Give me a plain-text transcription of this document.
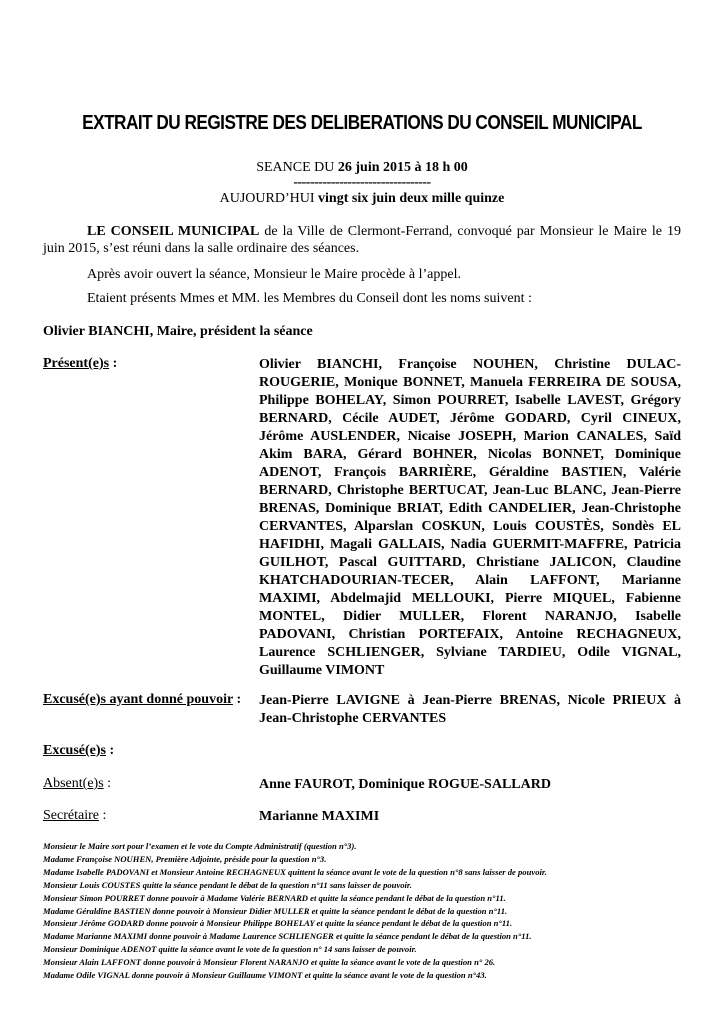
EXTRAIT DU REGISTRE DES DELIBERATIONS DU CONSEIL MUNICIPAL
SEANCE DU 26 juin 2015 à 18 h 00
---------------------------------
AUJOURD’HUI vingt six juin deux mille quinze
LE CONSEIL MUNICIPAL de la Ville de Clermont-Ferrand, convoqué par Monsieur le Maire le 19 juin 2015, s’est réuni dans la salle ordinaire des séances.
Après avoir ouvert la séance, Monsieur le Maire procède à l’appel.
Etaient présents Mmes et MM. les Membres du Conseil dont les noms suivent :
Olivier BIANCHI, Maire, président la séance
Présent(e)s :	Olivier BIANCHI, Françoise NOUHEN, Christine DULAC-ROUGERIE, Monique BONNET, Manuela FERREIRA DE SOUSA, Philippe BOHELAY, Simon POURRET, Isabelle LAVEST, Grégory BERNARD, Cécile AUDET, Jérôme GODARD, Cyril CINEUX, Jérôme AUSLENDER, Nicaise JOSEPH, Marion CANALES, Saïd Akim BARA, Gérard BOHNER, Nicolas BONNET, Dominique ADENOT, François BARRIÈRE, Géraldine BASTIEN, Valérie BERNARD, Christophe BERTUCAT, Jean-Luc BLANC, Jean-Pierre BRENAS, Dominique BRIAT, Edith CANDELIER, Jean-Christophe CERVANTES, Alparslan COSKUN, Louis COUSTÈS, Sondès EL HAFIDHI, Magali GALLAIS, Nadia GUERMIT-MAFFRE, Patricia GUILHOT, Pascal GUITTARD, Christiane JALICON, Claudine KHATCHADOURIAN-TECER, Alain LAFFONT, Marianne MAXIMI, Abdelmajid MELLOUKI, Pierre MIQUEL, Fabienne MONTEL, Didier MULLER, Florent NARANJO, Isabelle PADOVANI, Christian PORTEFAIX, Antoine RECHAGNEUX, Laurence SCHLIENGER, Sylviane TARDIEU, Odile VIGNAL, Guillaume VIMONT
Excusé(e)s ayant donné pouvoir : Jean-Pierre LAVIGNE à Jean-Pierre BRENAS, Nicole PRIEUX à Jean-Christophe CERVANTES
Excusé(e)s :
Absent(e)s :	Anne FAUROT, Dominique ROGUE-SALLARD
Secrétaire :	Marianne MAXIMI
Monsieur le Maire sort pour l’examen et le vote du Compte Administratif (question n°3).
Madame Françoise NOUHEN, Première Adjointe, préside pour la question n°3.
Madame Isabelle PADOVANI et Monsieur Antoine RECHAGNEUX quittent la séance avant le vote de la question n°8 sans laisser de pouvoir.
Monsieur Louis COUSTES quitte la séance pendant le débat de la question n°11 sans laisser de pouvoir.
Monsieur Simon POURRET donne pouvoir à Madame Valérie BERNARD et quitte la séance pendant le débat de la question n°11.
Madame Géraldine BASTIEN donne pouvoir à Monsieur Didier MULLER et quitte la séance pendant le débat de la question n°11.
Monsieur Jérôme GODARD donne pouvoir à Monsieur Philippe BOHELAY et quitte la séance pendant le débat de la question n°11.
Madame Marianne MAXIMI donne pouvoir à Madame Laurence SCHLIENGER et quitte la séance pendant le débat de la question n°11.
Monsieur Dominique ADENOT quitte la séance avant le vote de la question n° 14 sans laisser de pouvoir.
Monsieur Alain LAFFONT donne pouvoir à Monsieur Florent NARANJO et quitte la séance avant le vote de la question n° 26.
Madame Odile VIGNAL donne pouvoir à Monsieur Guillaume VIMONT et quitte la séance avant le vote de la question n°43.
